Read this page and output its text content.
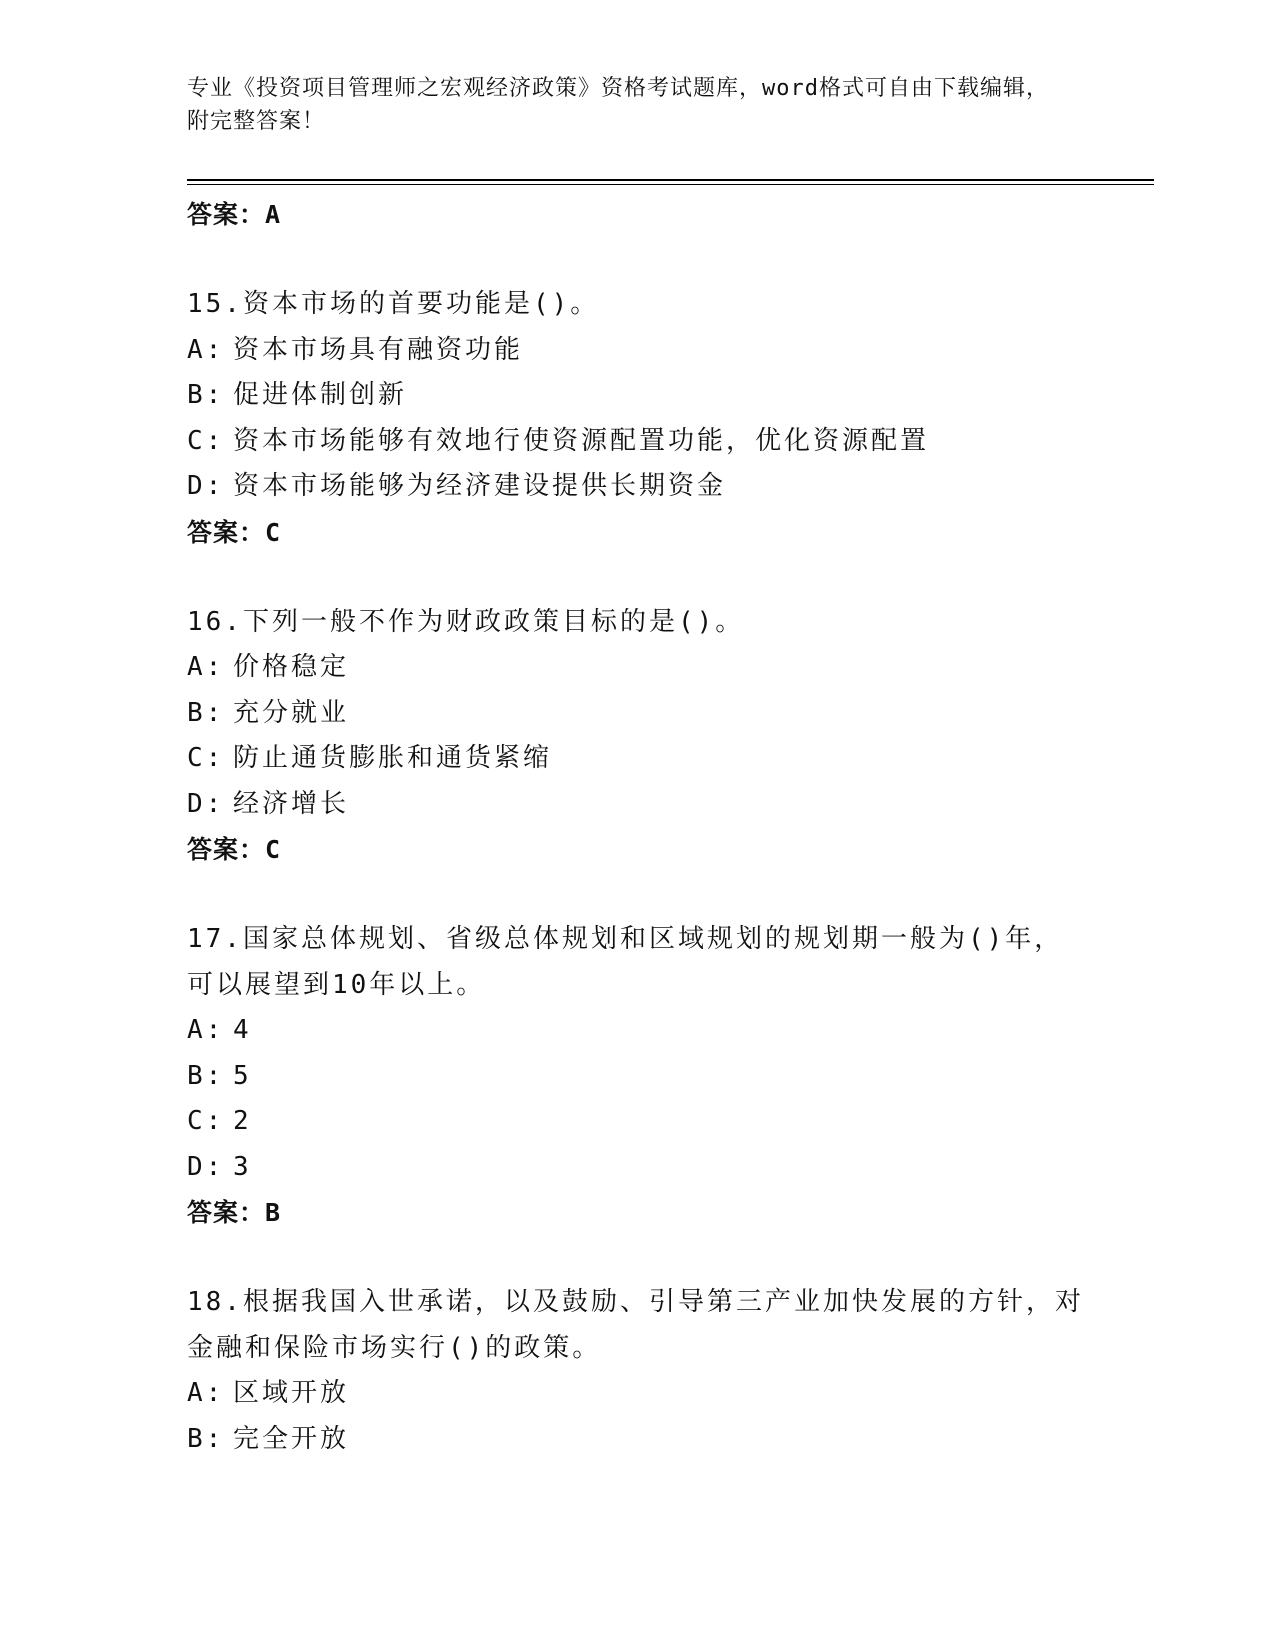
专业《投资项目管理师之宏观经济政策》资格考试题库，word格式可自由下载编辑，附完整答案！
答案：A
15.资本市场的首要功能是()。
A: 资本市场具有融资功能
B: 促进体制创新
C: 资本市场能够有效地行使资源配置功能，优化资源配置
D: 资本市场能够为经济建设提供长期资金
答案：C
16.下列一般不作为财政政策目标的是()。
A: 价格稳定
B: 充分就业
C: 防止通货膨胀和通货紧缩
D: 经济增长
答案：C
17.国家总体规划、省级总体规划和区域规划的规划期一般为()年，可以展望到10年以上。
A: 4
B: 5
C: 2
D: 3
答案：B
18.根据我国入世承诺，以及鼓励、引导第三产业加快发展的方针，对金融和保险市场实行()的政策。
A: 区域开放
B: 完全开放
